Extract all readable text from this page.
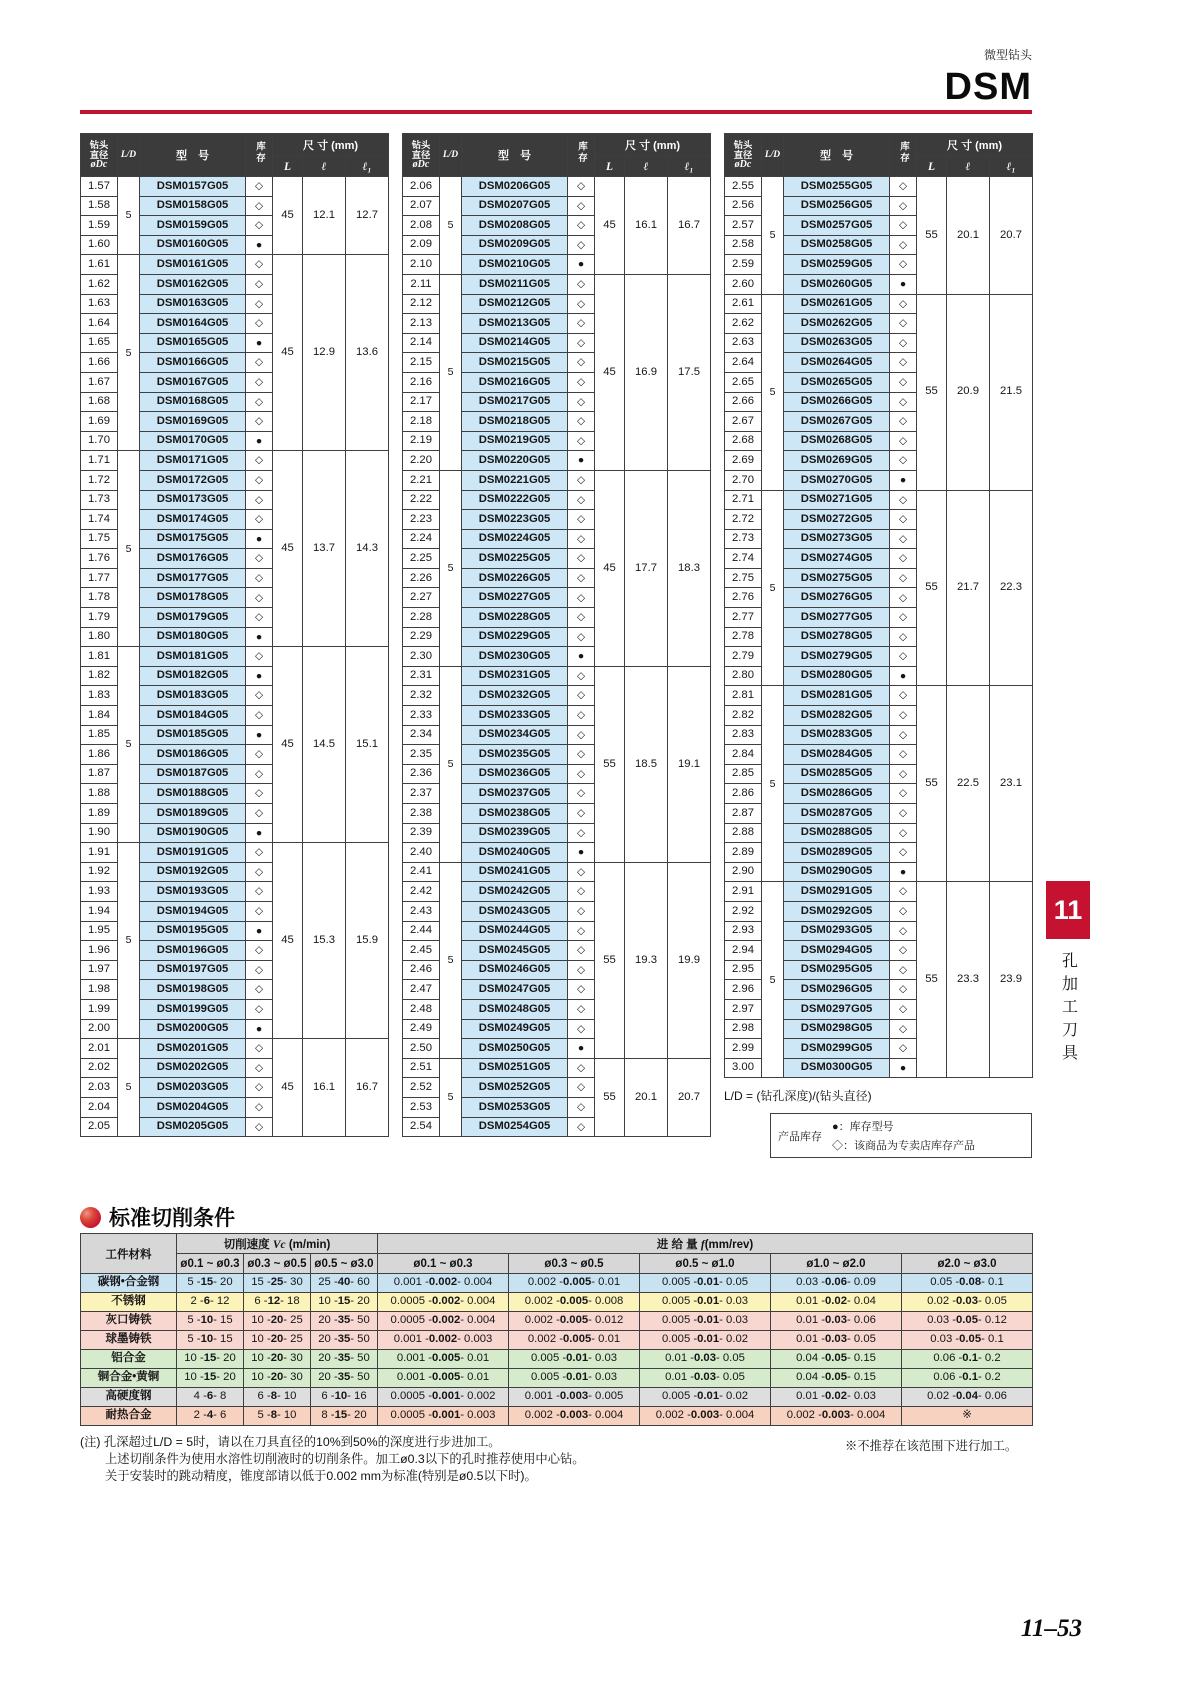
微型钻头
DSM
钻头
直径
øDc	L/D	型　号	库存	尺 寸 (mm)		
				L	ℓ	ℓ₁
1.57	5	DSM0157G05	◇	45	12.1	12.7
1.58		DSM0158G05	◇			
1.59		DSM0159G05	◇			
1.60		DSM0160G05	●			
1.61	5	DSM0161G05	◇	45	12.9	13.6
1.62		DSM0162G05	◇			
1.63		DSM0163G05	◇			
1.64		DSM0164G05	◇			
1.65		DSM0165G05	●			
1.66		DSM0166G05	◇			
1.67		DSM0167G05	◇			
1.68		DSM0168G05	◇			
1.69		DSM0169G05	◇			
1.70		DSM0170G05	●			
1.71	5	DSM0171G05	◇	45	13.7	14.3
1.72		DSM0172G05	◇			
1.73		DSM0173G05	◇			
1.74		DSM0174G05	◇			
1.75		DSM0175G05	●			
1.76		DSM0176G05	◇			
1.77		DSM0177G05	◇			
1.78		DSM0178G05	◇			
1.79		DSM0179G05	◇			
1.80		DSM0180G05	●			
1.81	5	DSM0181G05	◇	45	14.5	15.1
1.82		DSM0182G05	●			
1.83		DSM0183G05	◇			
1.84		DSM0184G05	◇			
1.85		DSM0185G05	●			
1.86		DSM0186G05	◇			
1.87		DSM0187G05	◇			
1.88		DSM0188G05	◇			
1.89		DSM0189G05	◇			
1.90		DSM0190G05	●			
1.91	5	DSM0191G05	◇	45	15.3	15.9
1.92		DSM0192G05	◇			
1.93		DSM0193G05	◇			
1.94		DSM0194G05	◇			
1.95		DSM0195G05	●			
1.96		DSM0196G05	◇			
1.97		DSM0197G05	◇			
1.98		DSM0198G05	◇			
1.99		DSM0199G05	◇			
2.00		DSM0200G05	●			
2.01	5	DSM0201G05	◇	45	16.1	16.7
2.02		DSM0202G05	◇			
2.03		DSM0203G05	◇			
2.04		DSM0204G05	◇			
2.05		DSM0205G05	◇			
钻头
直径
øDc	L/D	型　号	库存	尺 寸 (mm)		
				L	ℓ	ℓ₁
2.06	5	DSM0206G05	◇	45	16.1	16.7
2.07		DSM0207G05	◇			
2.08		DSM0208G05	◇			
2.09		DSM0209G05	◇			
2.10		DSM0210G05	●			
2.11	5	DSM0211G05	◇	45	16.9	17.5
2.12		DSM0212G05	◇			
2.13		DSM0213G05	◇			
2.14		DSM0214G05	◇			
2.15		DSM0215G05	◇			
2.16		DSM0216G05	◇			
2.17		DSM0217G05	◇			
2.18		DSM0218G05	◇			
2.19		DSM0219G05	◇			
2.20		DSM0220G05	●			
2.21	5	DSM0221G05	◇	45	17.7	18.3
2.22		DSM0222G05	◇			
2.23		DSM0223G05	◇			
2.24		DSM0224G05	◇			
2.25		DSM0225G05	◇			
2.26		DSM0226G05	◇			
2.27		DSM0227G05	◇			
2.28		DSM0228G05	◇			
2.29		DSM0229G05	◇			
2.30		DSM0230G05	●			
2.31	5	DSM0231G05	◇	55	18.5	19.1
2.32		DSM0232G05	◇			
2.33		DSM0233G05	◇			
2.34		DSM0234G05	◇			
2.35		DSM0235G05	◇			
2.36		DSM0236G05	◇			
2.37		DSM0237G05	◇			
2.38		DSM0238G05	◇			
2.39		DSM0239G05	◇			
2.40		DSM0240G05	●			
2.41	5	DSM0241G05	◇	55	19.3	19.9
2.42		DSM0242G05	◇			
2.43		DSM0243G05	◇			
2.44		DSM0244G05	◇			
2.45		DSM0245G05	◇			
2.46		DSM0246G05	◇			
2.47		DSM0247G05	◇			
2.48		DSM0248G05	◇			
2.49		DSM0249G05	◇			
2.50		DSM0250G05	●			
2.51	5	DSM0251G05	◇	55	20.1	20.7
2.52		DSM0252G05	◇			
2.53		DSM0253G05	◇			
2.54		DSM0254G05	◇			
钻头
直径
øDc	L/D	型　号	库存	尺 寸 (mm)		
				L	ℓ	ℓ₁
2.55	5	DSM0255G05	◇	55	20.1	20.7
2.56		DSM0256G05	◇			
2.57		DSM0257G05	◇			
2.58		DSM0258G05	◇			
2.59		DSM0259G05	◇			
2.60		DSM0260G05	●			
2.61	5	DSM0261G05	◇	55	20.9	21.5
2.62		DSM0262G05	◇			
2.63		DSM0263G05	◇			
2.64		DSM0264G05	◇			
2.65		DSM0265G05	◇			
2.66		DSM0266G05	◇			
2.67		DSM0267G05	◇			
2.68		DSM0268G05	◇			
2.69		DSM0269G05	◇			
2.70		DSM0270G05	●			
2.71	5	DSM0271G05	◇	55	21.7	22.3
2.72		DSM0272G05	◇			
2.73		DSM0273G05	◇			
2.74		DSM0274G05	◇			
2.75		DSM0275G05	◇			
2.76		DSM0276G05	◇			
2.77		DSM0277G05	◇			
2.78		DSM0278G05	◇			
2.79		DSM0279G05	◇			
2.80		DSM0280G05	●			
2.81	5	DSM0281G05	◇	55	22.5	23.1
2.82		DSM0282G05	◇			
2.83		DSM0283G05	◇			
2.84		DSM0284G05	◇			
2.85		DSM0285G05	◇			
2.86		DSM0286G05	◇			
2.87		DSM0287G05	◇			
2.88		DSM0288G05	◇			
2.89		DSM0289G05	◇			
2.90		DSM0290G05	●			
2.91	5	DSM0291G05	◇	55	23.3	23.9
2.92		DSM0292G05	◇			
2.93		DSM0293G05	◇			
2.94		DSM0294G05	◇			
2.95		DSM0295G05	◇			
2.96		DSM0296G05	◇			
2.97		DSM0297G05	◇			
2.98		DSM0298G05	◇			
2.99		DSM0299G05	◇			
3.00		DSM0300G05	●			
L/D = (钻孔深度)/(钻头直径)
产品库存
●：库存型号
◇：该商品为专卖店库存产品
标准切削条件
工件材料	切削速度 Vc (m/min)			进 给 量 f(mm/rev)				
	ø0.1 ~ ø0.3	ø0.3 ~ ø0.5	ø0.5 ~ ø3.0	ø0.1 ~ ø0.3	ø0.3 ~ ø0.5	ø0.5 ~ ø1.0	ø1.0 ~ ø2.0	ø2.0 ~ ø3.0
碳钢•合金钢	5 -15- 20	15 -25- 30	25 -40- 60	0.001 -0.002- 0.004	0.002 -0.005- 0.01	0.005 -0.01- 0.05	0.03 -0.06- 0.09	0.05 -0.08- 0.1
不锈钢	2 -6- 12	6 -12- 18	10 -15- 20	0.0005 -0.002- 0.004	0.002 -0.005- 0.008	0.005 -0.01- 0.03	0.01 -0.02- 0.04	0.02 -0.03- 0.05
灰口铸铁	5 -10- 15	10 -20- 25	20 -35- 50	0.0005 -0.002- 0.004	0.002 -0.005- 0.012	0.005 -0.01- 0.03	0.01 -0.03- 0.06	0.03 -0.05- 0.12
球墨铸铁	5 -10- 15	10 -20- 25	20 -35- 50	0.001 -0.002- 0.003	0.002 -0.005- 0.01	0.005 -0.01- 0.02	0.01 -0.03- 0.05	0.03 -0.05- 0.1
铝合金	10 -15- 20	10 -20- 30	20 -35- 50	0.001 -0.005- 0.01	0.005 -0.01- 0.03	0.01 -0.03- 0.05	0.04 -0.05- 0.15	0.06 -0.1- 0.2
铜合金•黄铜	10 -15- 20	10 -20- 30	20 -35- 50	0.001 -0.005- 0.01	0.005 -0.01- 0.03	0.01 -0.03- 0.05	0.04 -0.05- 0.15	0.06 -0.1- 0.2
高硬度钢	4 -6- 8	6 -8- 10	6 -10- 16	0.0005 -0.001- 0.002	0.001 -0.003- 0.005	0.005 -0.01- 0.02	0.01 -0.02- 0.03	0.02 -0.04- 0.06
耐热合金	2 -4- 6	5 -8- 10	8 -15- 20	0.0005 -0.001- 0.003	0.002 -0.003- 0.004	0.002 -0.003- 0.004	0.002 -0.003- 0.004	※
(注) 孔深超过L/D = 5时，请以在刀具直径的10%到50%的深度进行步进加工。
上述切削条件为使用水溶性切削液时的切削条件。加工ø0.3以下的孔时推荐使用中心钻。
关于安装时的跳动精度，锥度部请以低于0.002 mm为标准(特别是ø0.5以下时)。
※不推荐在该范围下进行加工。
11
孔加工刀具
11–53
